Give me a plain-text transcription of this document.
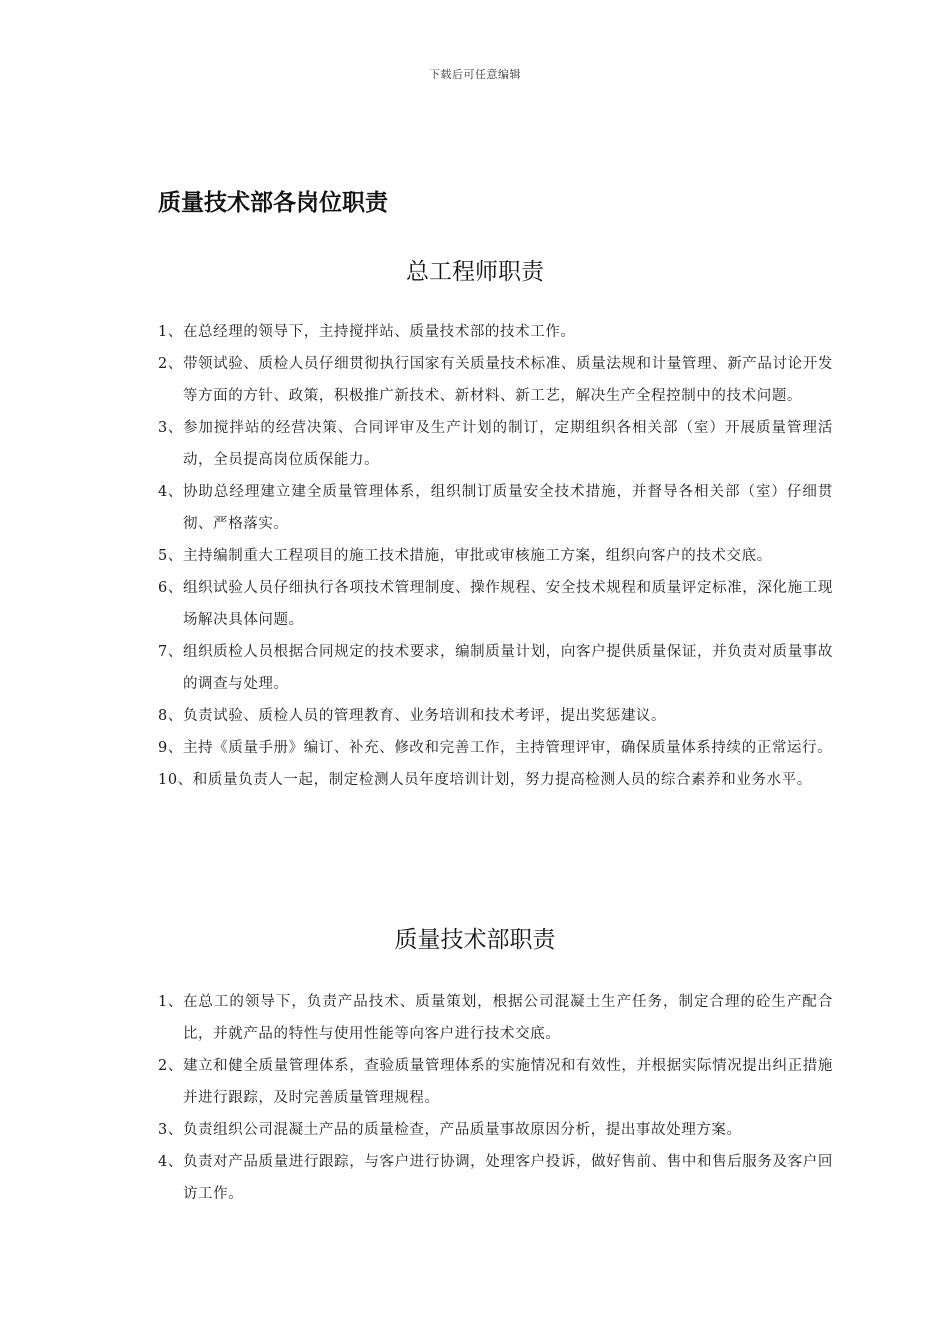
下载后可任意编辑
质量技术部各岗位职责
总工程师职责
1、 在总经理的领导下，主持搅拌站、质量技术部的技术工作。
2、 带领试验、质检人员仔细贯彻执行国家有关质量技术标准、质量法规和计量管理、新产品讨论开发等方面的方针、政策，积极推广新技术、新材料、新工艺，解决生产全程控制中的技术问题。
3、 参加搅拌站的经营决策、合同评审及生产计划的制订，定期组织各相关部（室）开展质量管理活动，全员提高岗位质保能力。
4、 协助总经理建立建全质量管理体系，组织制订质量安全技术措施，并督导各相关部（室）仔细贯彻、严格落实。
5、 主持编制重大工程项目的施工技术措施，审批或审核施工方案，组织向客户的技术交底。
6、 组织试验人员仔细执行各项技术管理制度、操作规程、安全技术规程和质量评定标准，深化施工现场解决具体问题。
7、 组织质检人员根据合同规定的技术要求，编制质量计划，向客户提供质量保证，并负责对质量事故的调查与处理。
8、 负责试验、质检人员的管理教育、业务培训和技术考评，提出奖惩建议。
9、 主持《质量手册》编订、补充、修改和完善工作，主持管理评审，确保质量体系持续的正常运行。
10、 和质量负责人一起，制定检测人员年度培训计划，努力提高检测人员的综合素养和业务水平。
质量技术部职责
1、 在总工的领导下，负责产品技术、质量策划，根据公司混凝土生产任务，制定合理的砼生产配合比，并就产品的特性与使用性能等向客户进行技术交底。
2、 建立和健全质量管理体系，查验质量管理体系的实施情况和有效性，并根据实际情况提出纠正措施并进行跟踪，及时完善质量管理规程。
3、 负责组织公司混凝土产品的质量检查，产品质量事故原因分析，提出事故处理方案。
4、 负责对产品质量进行跟踪，与客户进行协调，处理客户投诉，做好售前、售中和售后服务及客户回访工作。
